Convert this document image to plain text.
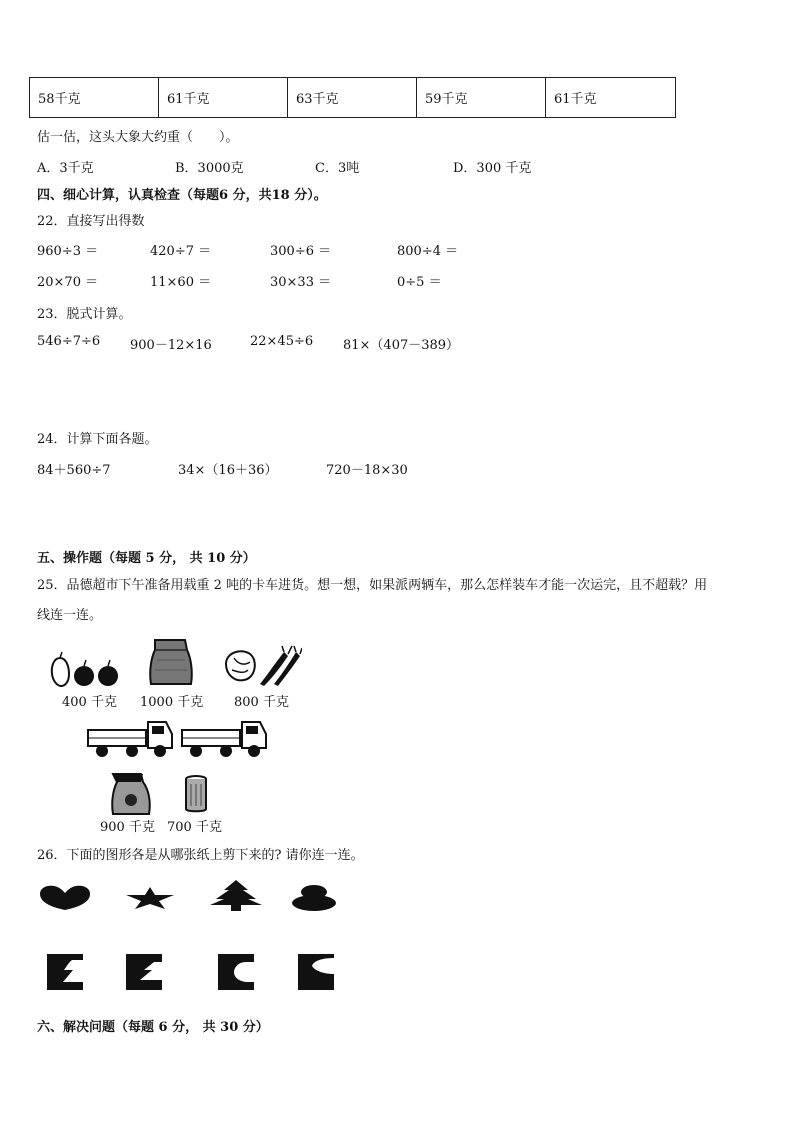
58千克	61千克	63千克	59千克	61千克
估一估，这头大象大约重（　　）。
A．3千克	B．3000克	C．3吨	D．300 千克
四、细心计算，认真检查（每题6 分，共18 分）。
22．直接写出得数
960÷3 ＝	420÷7 ＝	300÷6 ＝	800÷4 ＝
20×70 ＝	11×60 ＝	30×33 ＝	0÷5 ＝
23．脱式计算。
546÷7÷6 900－12×16	22×45÷6 81×（407－389）
24．计算下面各题。
84＋560÷7	34×（16＋36）	720－18×30
五、操作题（每题 5 分， 共 10 分）
25．品德超市下午准备用载重 2 吨的卡车进货。想一想，如果派两辆车，那么怎样装车才能一次运完，且不超载？用
线连一连。
400 千克 1000 千克 800 千克
900 千克 700 千克
26．下面的图形各是从哪张纸上剪下来的? 请你连一连。
六、解决问题（每题 6 分， 共 30 分）
